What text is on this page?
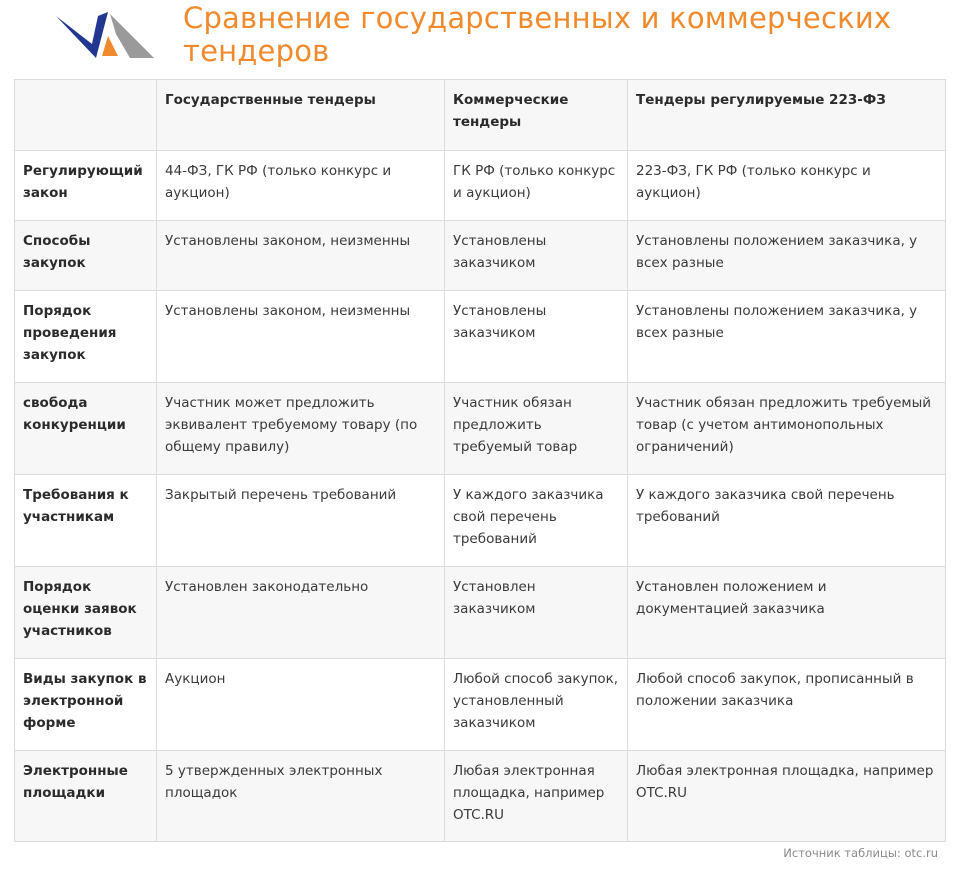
Сравнение государственных и коммерческих тендеров
	Государственные тендеры	Коммерческие тендеры	Тендеры регулируемые 223-ФЗ
Регулирующий закон	44-ФЗ, ГК РФ (только конкурс и аукцион)	ГК РФ (только конкурс и аукцион)	223-ФЗ, ГК РФ (только конкурс и аукцион)
Способы закупок	Установлены законом, неизменны	Установлены заказчиком	Установлены положением заказчика, у всех разные
Порядок проведения закупок	Установлены законом, неизменны	Установлены заказчиком	Установлены положением заказчика, у всех разные
свобода конкуренции	Участник может предложить эквивалент требуемому товару (по общему правилу)	Участник обязан предложить требуемый товар	Участник обязан предложить требуемый товар (с учетом антимонопольных ограничений)
Требования к участникам	Закрытый перечень требований	У каждого заказчика свой перечень требований	У каждого заказчика свой перечень требований
Порядок оценки заявок участников	Установлен законодательно	Установлен заказчиком	Установлен положением и документацией заказчика
Виды закупок в электронной форме	Аукцион	Любой способ закупок, установленный заказчиком	Любой способ закупок, прописанный в положении заказчика
Электронные площадки	5 утвержденных электронных площадок	Любая электронная площадка, например OTC.RU	Любая электронная площадка, например OTC.RU
Источник таблицы: otc.ru
